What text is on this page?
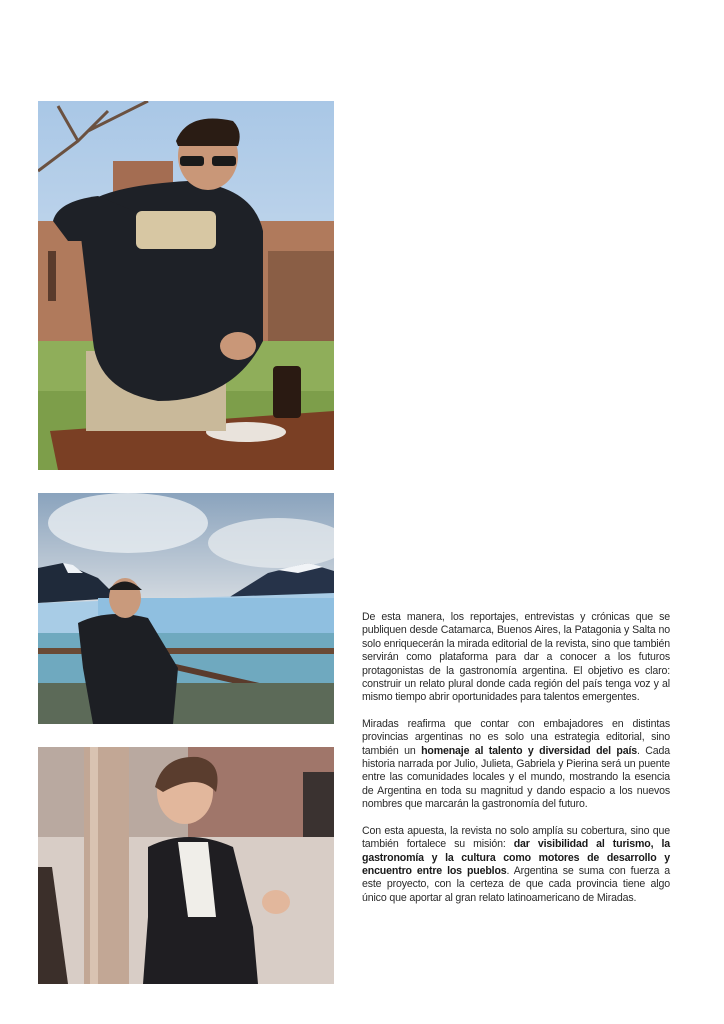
De esta manera, los reportajes, entrevistas y crónicas que se publiquen desde Catamarca, Buenos Aires, la Patagonia y Salta no solo enriquecerán la mirada editorial de la revista, sino que también servirán como plataforma para dar a conocer a los futuros protagonistas de la gastronomía argentina. El objetivo es claro: construir un relato plural donde cada región del país tenga voz y al mismo tiempo abrir oportunidades para talentos emergentes.

Miradas reafirma que contar con embajadores en distintas provincias argentinas no es solo una estrategia editorial, sino también un homenaje al talento y diversidad del país. Cada historia narrada por Julio, Julieta, Gabriela y Pierina será un puente entre las comunidades locales y el mundo, mostrando la esencia de Argentina en toda su magnitud y dando espacio a los nuevos nombres que marcarán la gastronomía del futuro.

Con esta apuesta, la revista no solo amplía su cobertura, sino que también fortalece su misión: dar visibilidad al turismo, la gastronomía y la cultura como motores de desarrollo y encuentro entre los pueblos. Argentina se suma con fuerza a este proyecto, con la certeza de que cada provincia tiene algo único que aportar al gran relato latinoamericano de Miradas.
